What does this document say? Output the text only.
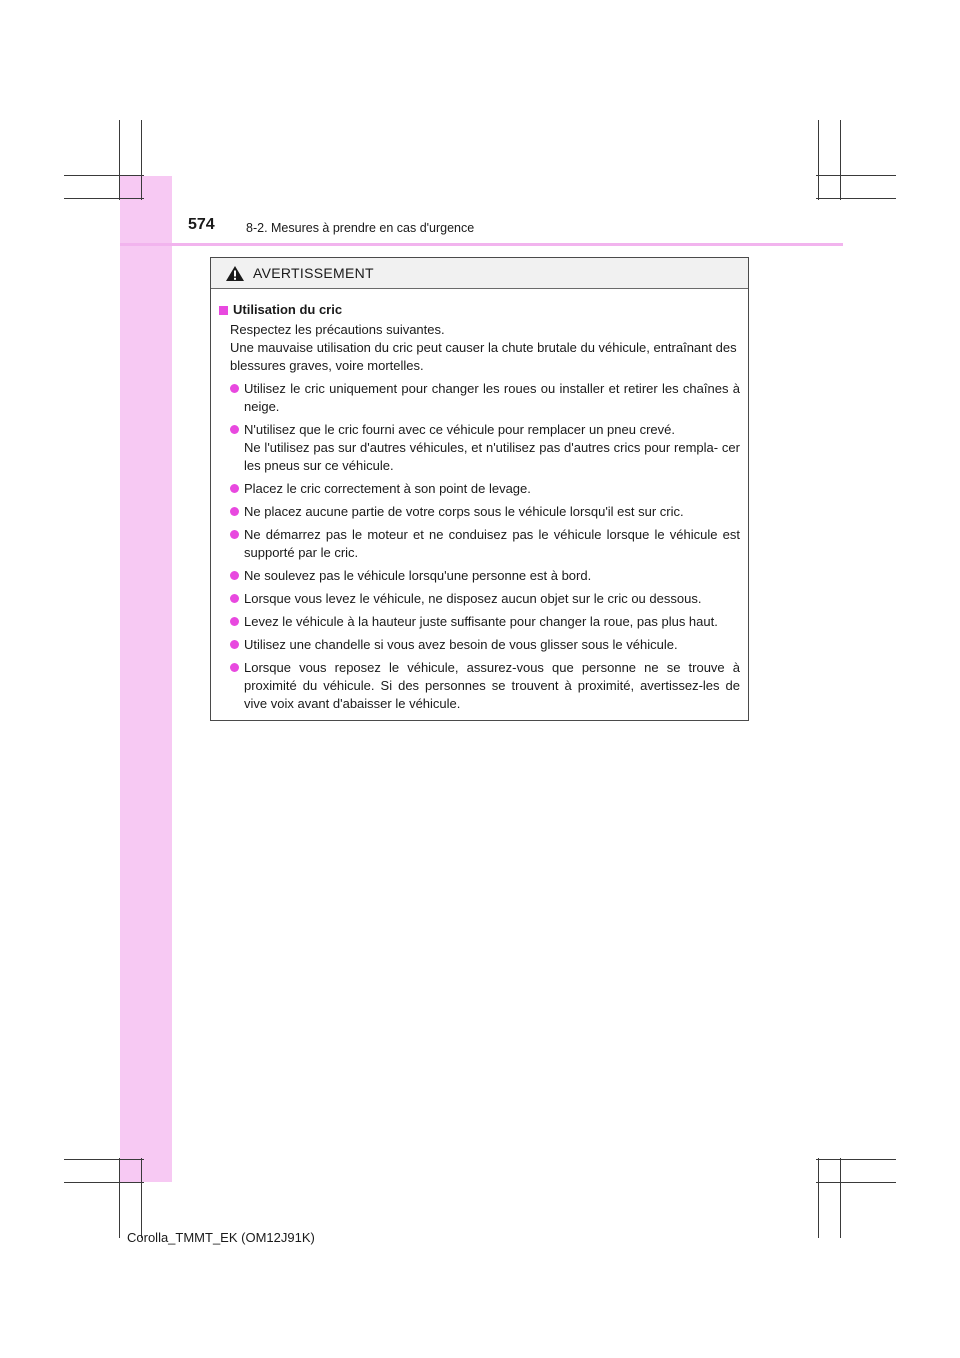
574	8-2. Mesures à prendre en cas d'urgence
AVERTISSEMENT
Utilisation du cric

Respectez les précautions suivantes.

Une mauvaise utilisation du cric peut causer la chute brutale du véhicule, entraînant des blessures graves, voire mortelles.

Utilisez le cric uniquement pour changer les roues ou installer et retirer les chaînes à neige.

N'utilisez que le cric fourni avec ce véhicule pour remplacer un pneu crevé.

Ne l'utilisez pas sur d'autres véhicules, et n'utilisez pas d'autres crics pour rempla- cer les pneus sur ce véhicule.

Placez le cric correctement à son point de levage.

Ne placez aucune partie de votre corps sous le véhicule lorsqu'il est sur cric.

Ne démarrez pas le moteur et ne conduisez pas le véhicule lorsque le véhicule est supporté par le cric.

Ne soulevez pas le véhicule lorsqu'une personne est à bord.

Lorsque vous levez le véhicule, ne disposez aucun objet sur le cric ou dessous.

Levez le véhicule à la hauteur juste suffisante pour changer la roue, pas plus haut.

Utilisez une chandelle si vous avez besoin de vous glisser sous le véhicule.

Lorsque vous reposez le véhicule, assurez-vous que personne ne se trouve à proximité du véhicule. Si des personnes se trouvent à proximité, avertissez-les de vive voix avant d'abaisser le véhicule.

Corolla_TMMT_EK (OM12J91K)
